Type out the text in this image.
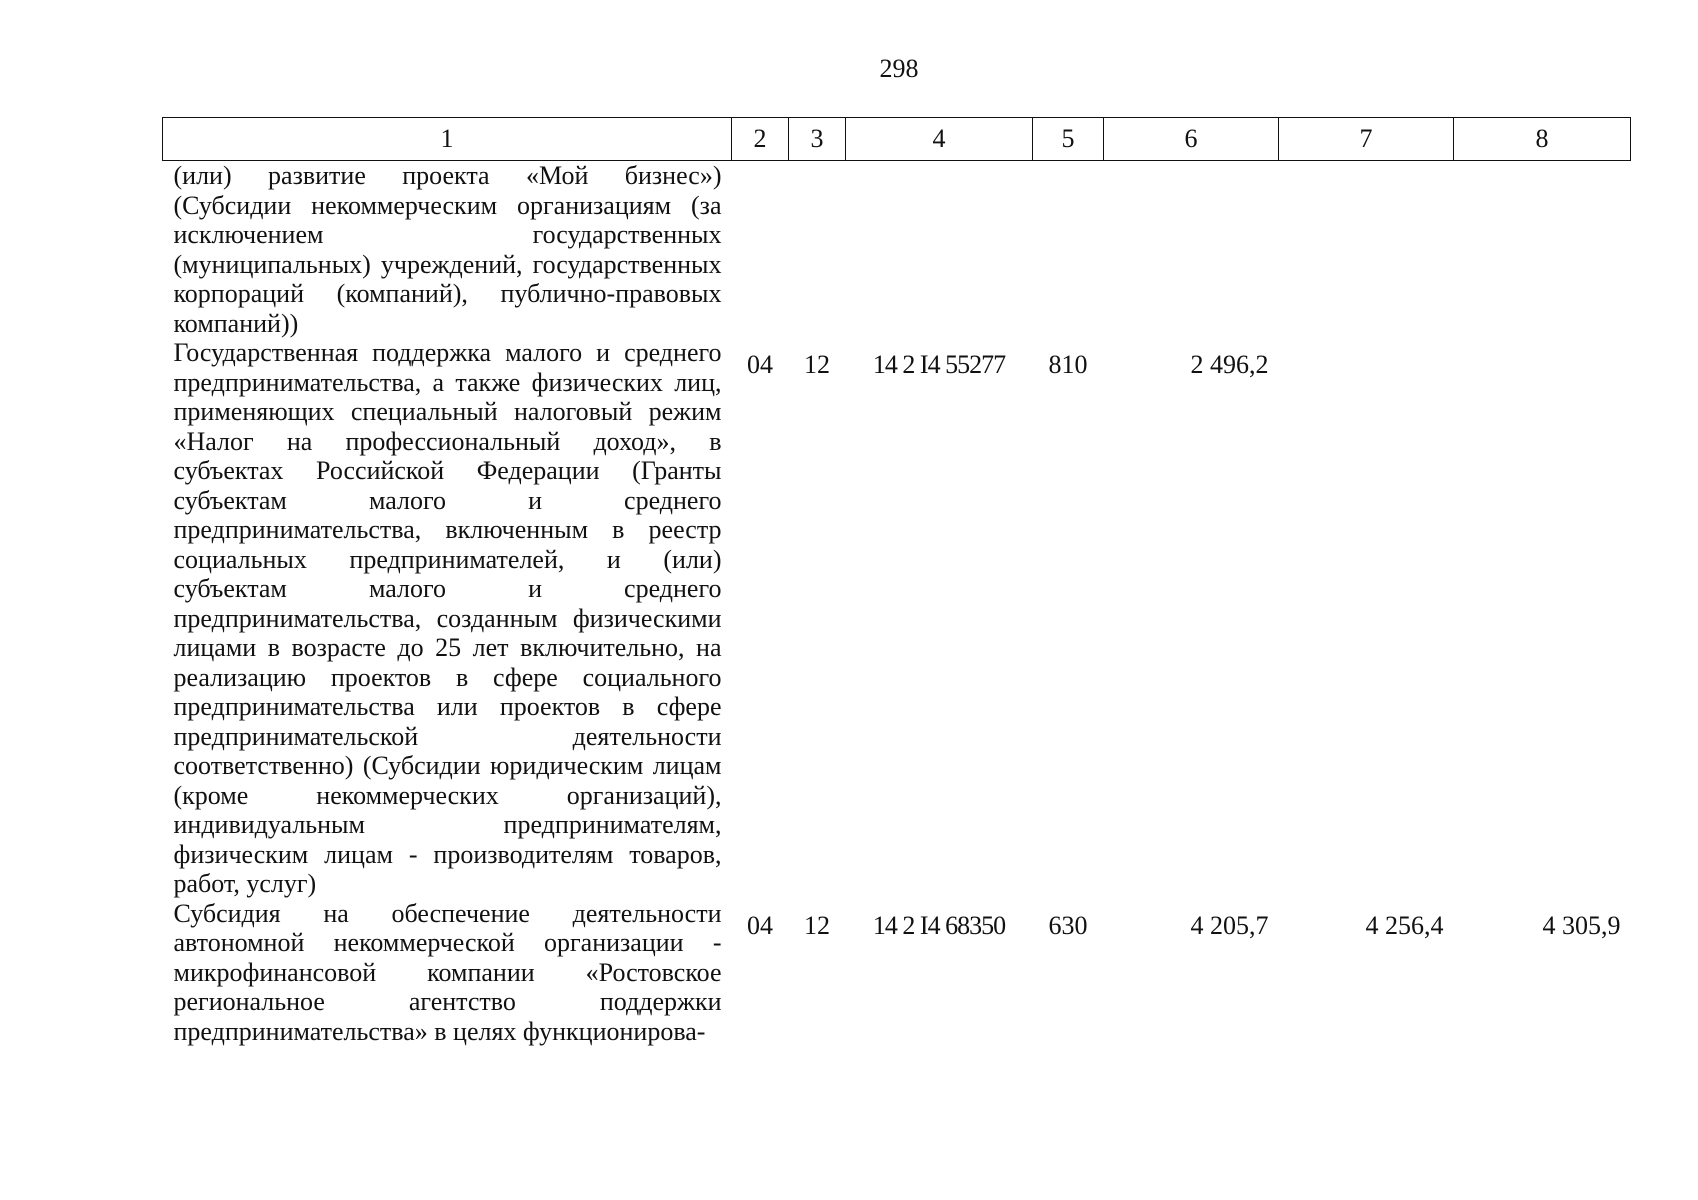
298
1	2	3	4	5	6	7	8
(или) развитие проекта «Мой бизнес») (Субсидии некоммерческим организациям (за исключением государственных (муниципальных) учреждений, государственных корпораций (компаний), публично-правовых компаний))							
Государственная поддержка малого и среднего предпринимательства, а также физических лиц, применяющих специальный налоговый режим «Налог на профессиональный доход», в субъектах Российской Федерации (Гранты субъектам малого и среднего предпринимательства, включенным в реестр социальных предпринимателей, и (или) субъектам малого и среднего предпринимательства, созданным физическими лицами в возрасте до 25 лет включительно, на реализацию проектов в сфере социального предпринимательства или проектов в сфере предпринимательской деятельности соответственно) (Субсидии юридическим лицам (кроме некоммерческих организаций), индивидуальным предпринимателям, физическим лицам - производителям товаров, работ, услуг)	04	12	14 2 I4 55277	810	2 496,2		
Субсидия на обеспечение деятельности автономной некоммерческой организации - микрофинансовой компании «Ростовское региональное агентство поддержки предпринимательства» в целях функционирова-	04	12	14 2 I4 68350	630	4 205,7	4 256,4	4 305,9
